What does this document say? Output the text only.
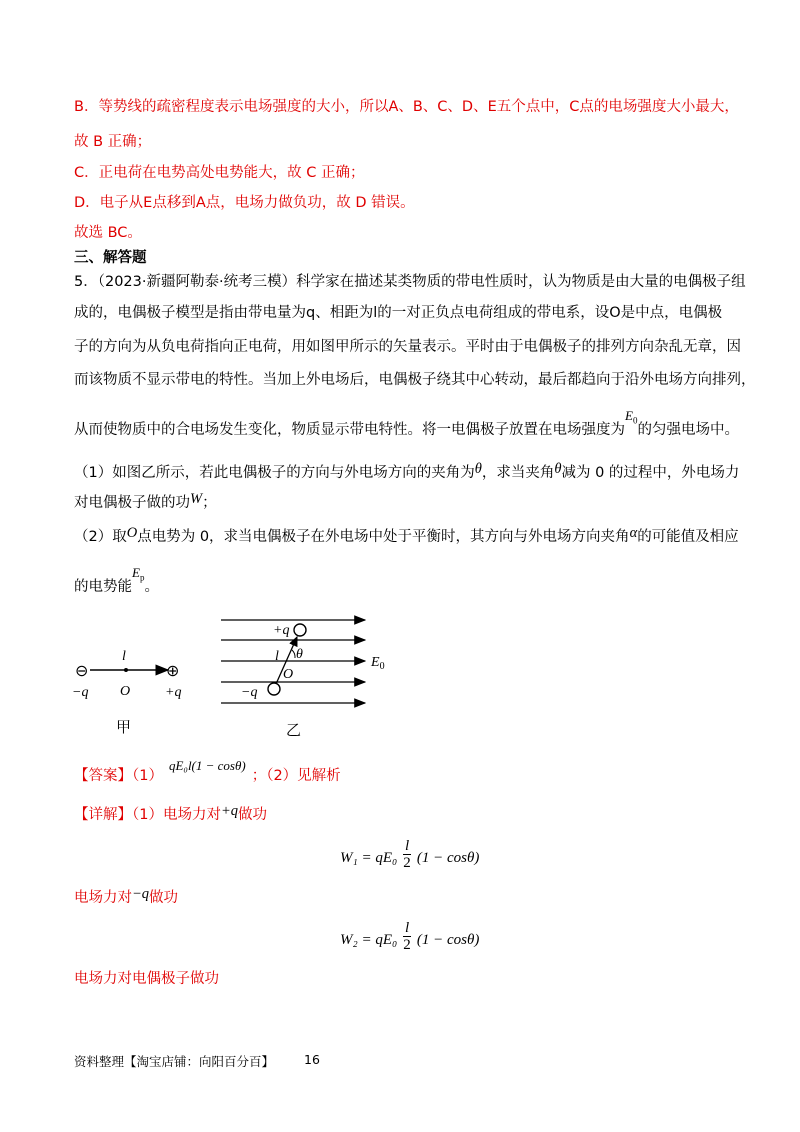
B．等势线的疏密程度表示电场强度的大小，所以A、B、C、D、E五个点中，C点的电场强度大小最大，
故 B 正确；
C．正电荷在电势高处电势能大，故 C 正确；
D．电子从E点移到A点，电场力做负功，故 D 错误。
故选 BC。
三、解答题
5．（2023·新疆阿勒泰·统考三模）科学家在描述某类物质的带电性质时，认为物质是由大量的电偶极子组
成的，电偶极子模型是指由带电量为q、相距为l的一对正负点电荷组成的带电系，设O是中点，电偶极
子的方向为从负电荷指向正电荷，用如图甲所示的矢量表示。平时由于电偶极子的排列方向杂乱无章，因
而该物质不显示带电的特性。当加上外电场后，电偶极子绕其中心转动，最后都趋向于沿外电场方向排列，
从而使物质中的合电场发生变化，物质显示带电特性。将一电偶极子放置在电场强度为$E_0$的匀强电场中。
（1）如图乙所示，若此电偶极子的方向与外电场方向的夹角为θ，求当夹角θ减为 0 的过程中，外电场力
对电偶极子做的功W；
（2）取O点电势为 0，求当电偶极子在外电场中处于平衡时，其方向与外电场方向夹角α的可能值及相应
的电势能$E_p$。
⊖	⊕
l
O
−q	+q
甲
+q
−q
l θ
O
$E_0$
乙
【答案】（1）qE₀l(1 − cosθ)；（2）见解析
【详解】（1）电场力对+q做功
$W_1 = qE_0 \frac{l}{2} (1 - \cos\theta)$
电场力对−q做功
$W_2 = qE_0 \frac{l}{2} (1 - \cos\theta)$
电场力对电偶极子做功
资料整理【淘宝店铺：向阳百分百】 16
